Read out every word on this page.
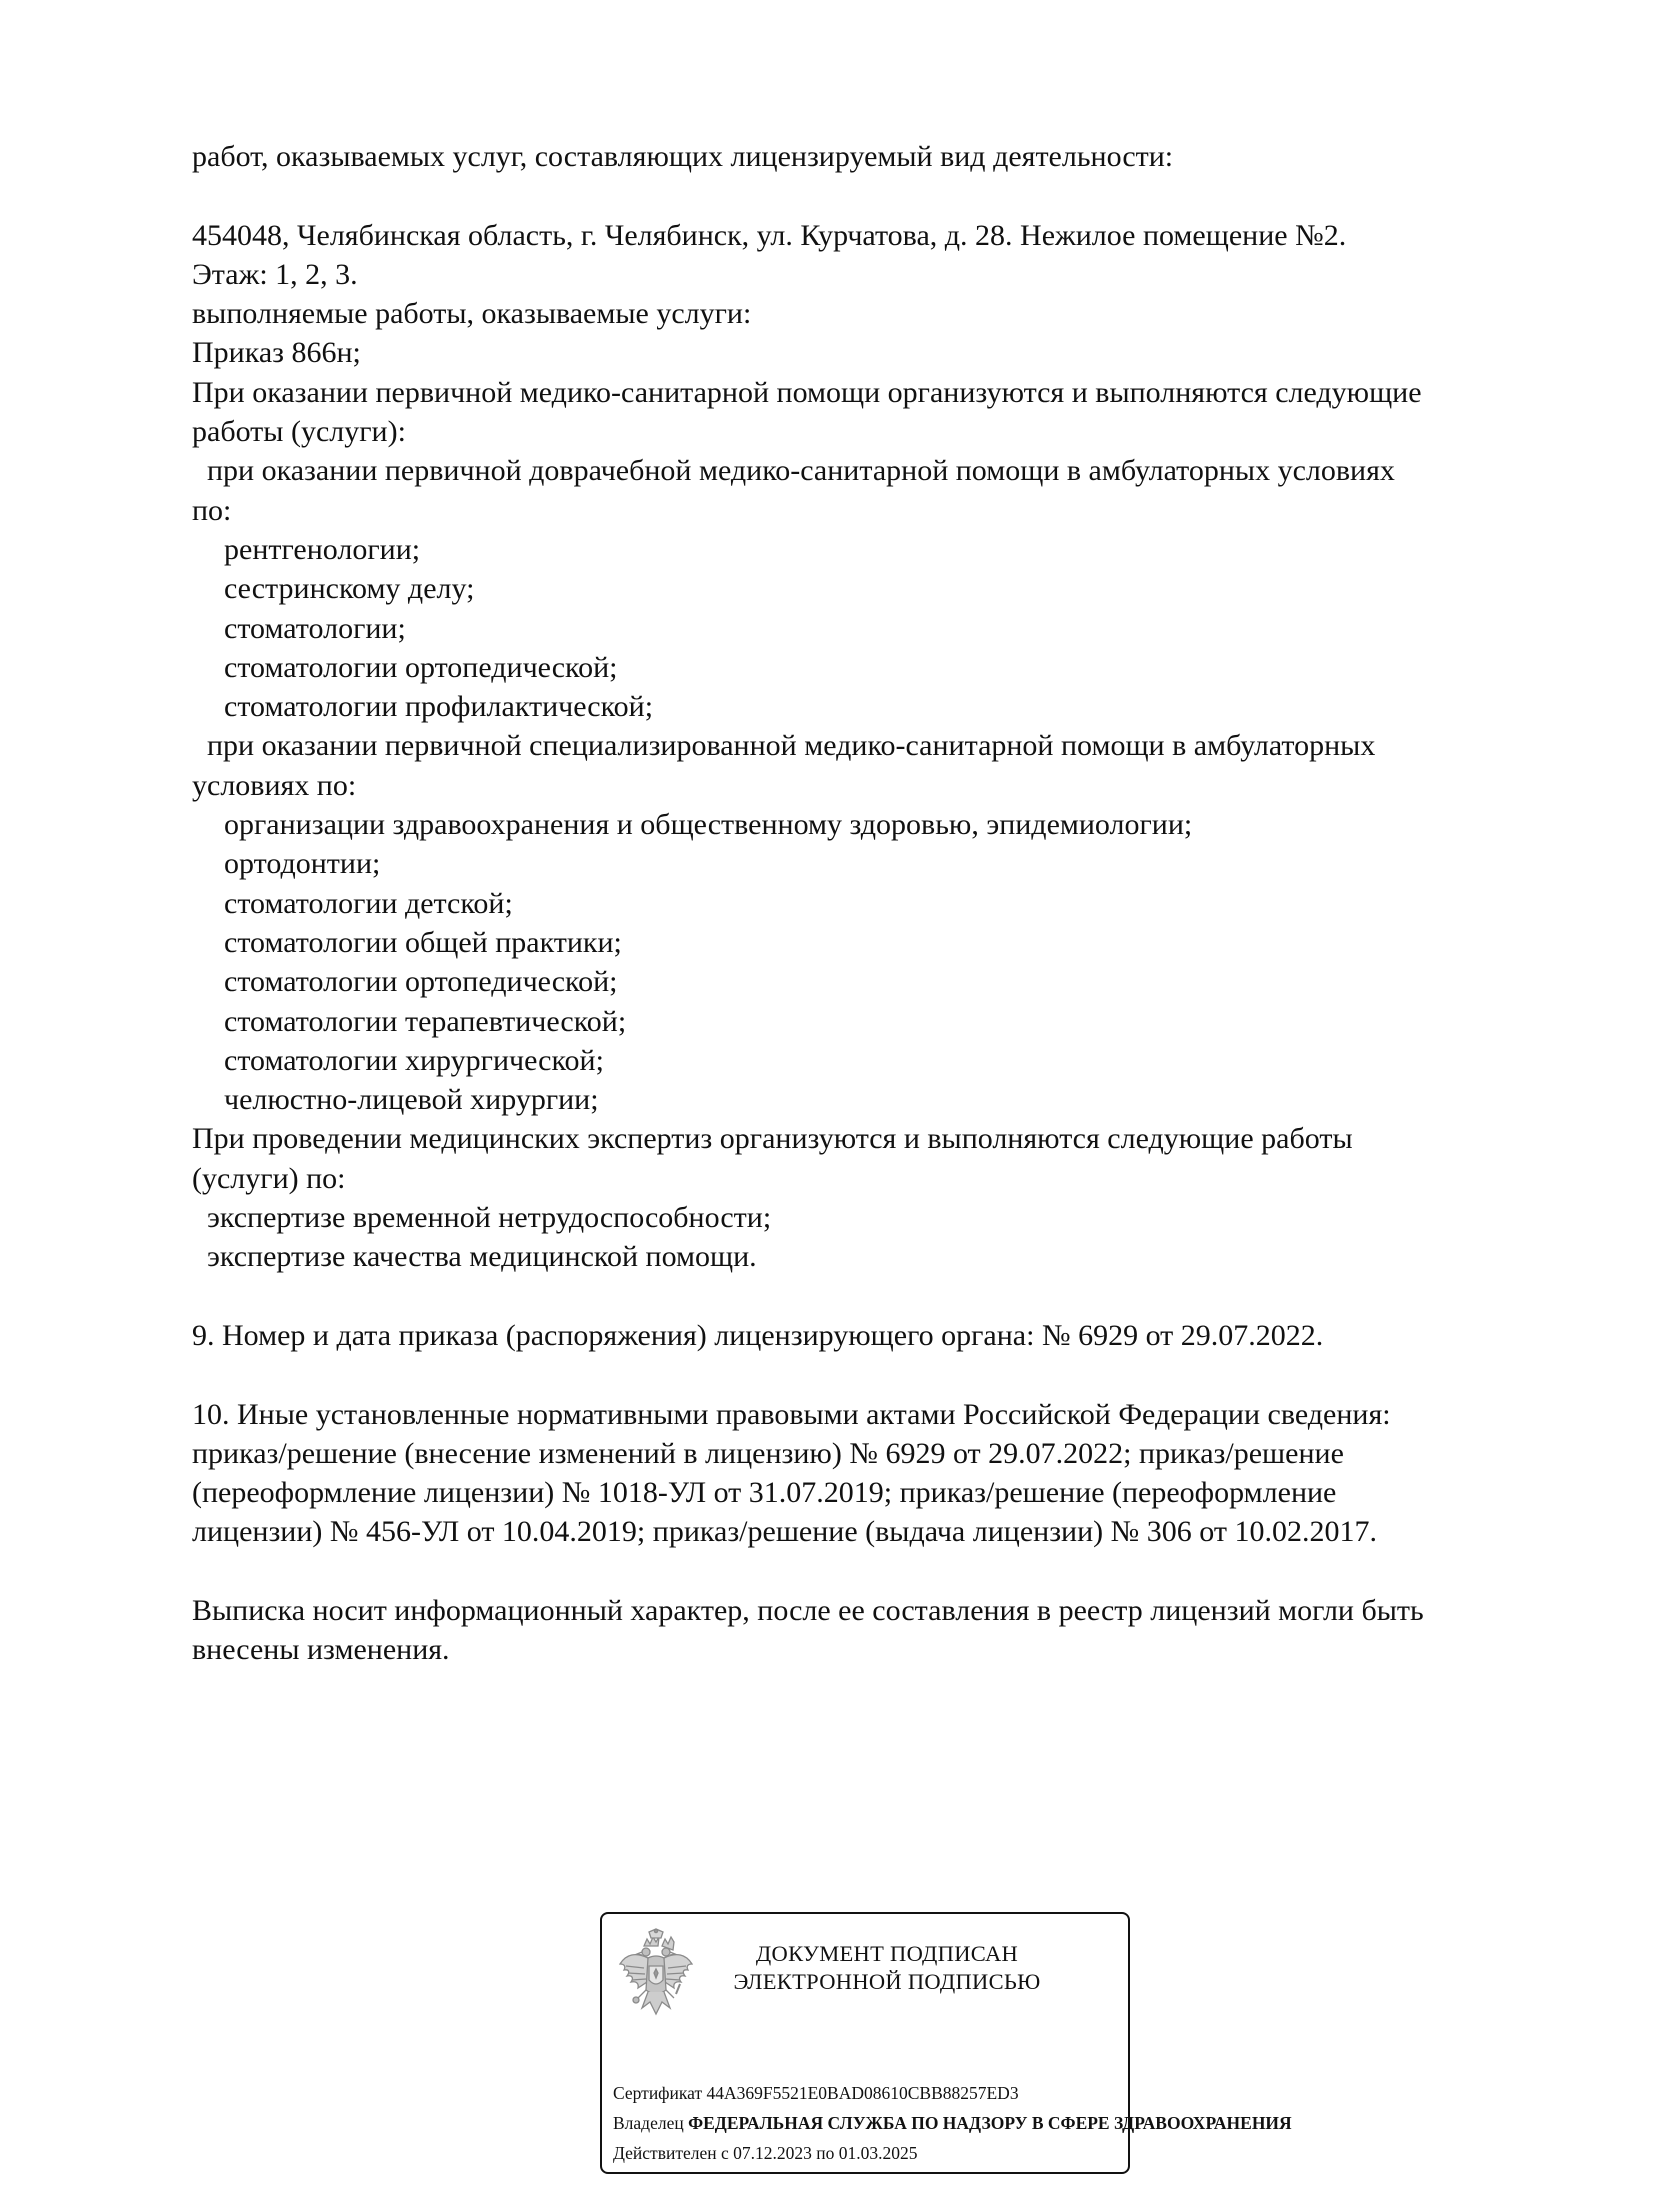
работ, оказываемых услуг, составляющих лицензируемый вид деятельности:
454048, Челябинская область, г. Челябинск, ул. Курчатова, д. 28. Нежилое помещение №2.
Этаж: 1, 2, 3.
выполняемые работы, оказываемые услуги:
Приказ 866н;
При оказании первичной медико-санитарной помощи организуются и выполняются следующие
работы (услуги):
при оказании первичной доврачебной медико-санитарной помощи в амбулаторных условиях
по:
рентгенологии;
сестринскому делу;
стоматологии;
стоматологии ортопедической;
стоматологии профилактической;
при оказании первичной специализированной медико-санитарной помощи в амбулаторных
условиях по:
организации здравоохранения и общественному здоровью, эпидемиологии;
ортодонтии;
стоматологии детской;
стоматологии общей практики;
стоматологии ортопедической;
стоматологии терапевтической;
стоматологии хирургической;
челюстно-лицевой хирургии;
При проведении медицинских экспертиз организуются и выполняются следующие работы
(услуги) по:
экспертизе временной нетрудоспособности;
экспертизе качества медицинской помощи.
9. Номер и дата приказа (распоряжения) лицензирующего органа: № 6929 от 29.07.2022.
10. Иные установленные нормативными правовыми актами Российской Федерации сведения:
приказ/решение (внесение изменений в лицензию) № 6929 от 29.07.2022; приказ/решение
(переоформление лицензии) № 1018-УЛ от 31.07.2019; приказ/решение (переоформление
лицензии) № 456-УЛ от 10.04.2019; приказ/решение (выдача лицензии) № 306 от 10.02.2017.
Выписка носит информационный характер, после ее составления в реестр лицензий могли быть
внесены изменения.
ДОКУМЕНТ ПОДПИСАН
ЭЛЕКТРОННОЙ ПОДПИСЬЮ
Сертификат 44A369F5521E0BAD08610CBB88257ED3
Владелец ФЕДЕРАЛЬНАЯ СЛУЖБА ПО НАДЗОРУ В СФЕРЕ ЗДРАВООХРАНЕНИЯ
Действителен с 07.12.2023 по 01.03.2025
